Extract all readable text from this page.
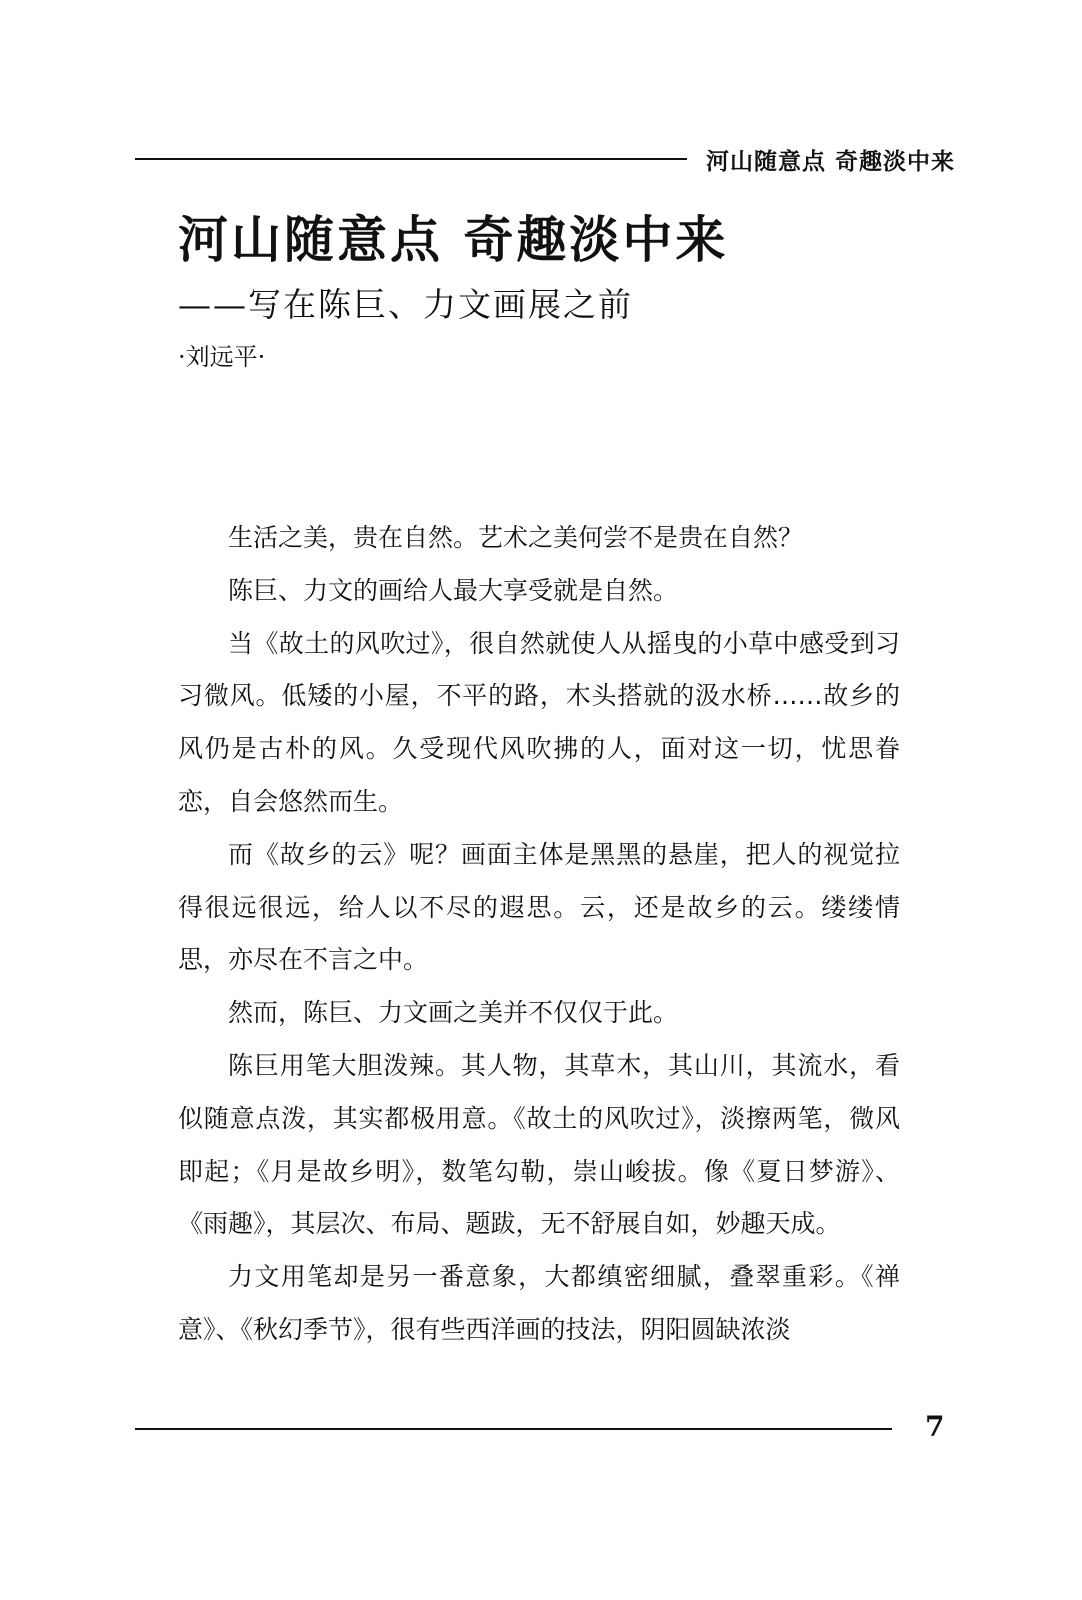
河山随意点 奇趣淡中来
河山随意点 奇趣淡中来
——写在陈巨、力文画展之前
·刘远平·

生活之美，贵在自然。艺术之美何尝不是贵在自然？

陈巨、力文的画给人最大享受就是自然。

当《故土的风吹过》，很自然就使人从摇曳的小草中感受到习习微风。低矮的小屋，不平的路，木头搭就的汲水桥……故乡的风仍是古朴的风。久受现代风吹拂的人，面对这一切，忧思眷恋，自会悠然而生。

而《故乡的云》呢？画面主体是黑黑的悬崖，把人的视觉拉得很远很远，给人以不尽的遐思。云，还是故乡的云。缕缕情思，亦尽在不言之中。

然而，陈巨、力文画之美并不仅仅于此。

陈巨用笔大胆泼辣。其人物，其草木，其山川，其流水，看似随意点泼，其实都极用意。《故土的风吹过》，淡擦两笔，微风即起；《月是故乡明》，数笔勾勒，崇山峻拔。像《夏日梦游》、《雨趣》，其层次、布局、题跋，无不舒展自如，妙趣天成。

力文用笔却是另一番意象，大都缜密细腻，叠翠重彩。《禅意》、《秋幻季节》，很有些西洋画的技法，阴阳圆缺浓淡

7
